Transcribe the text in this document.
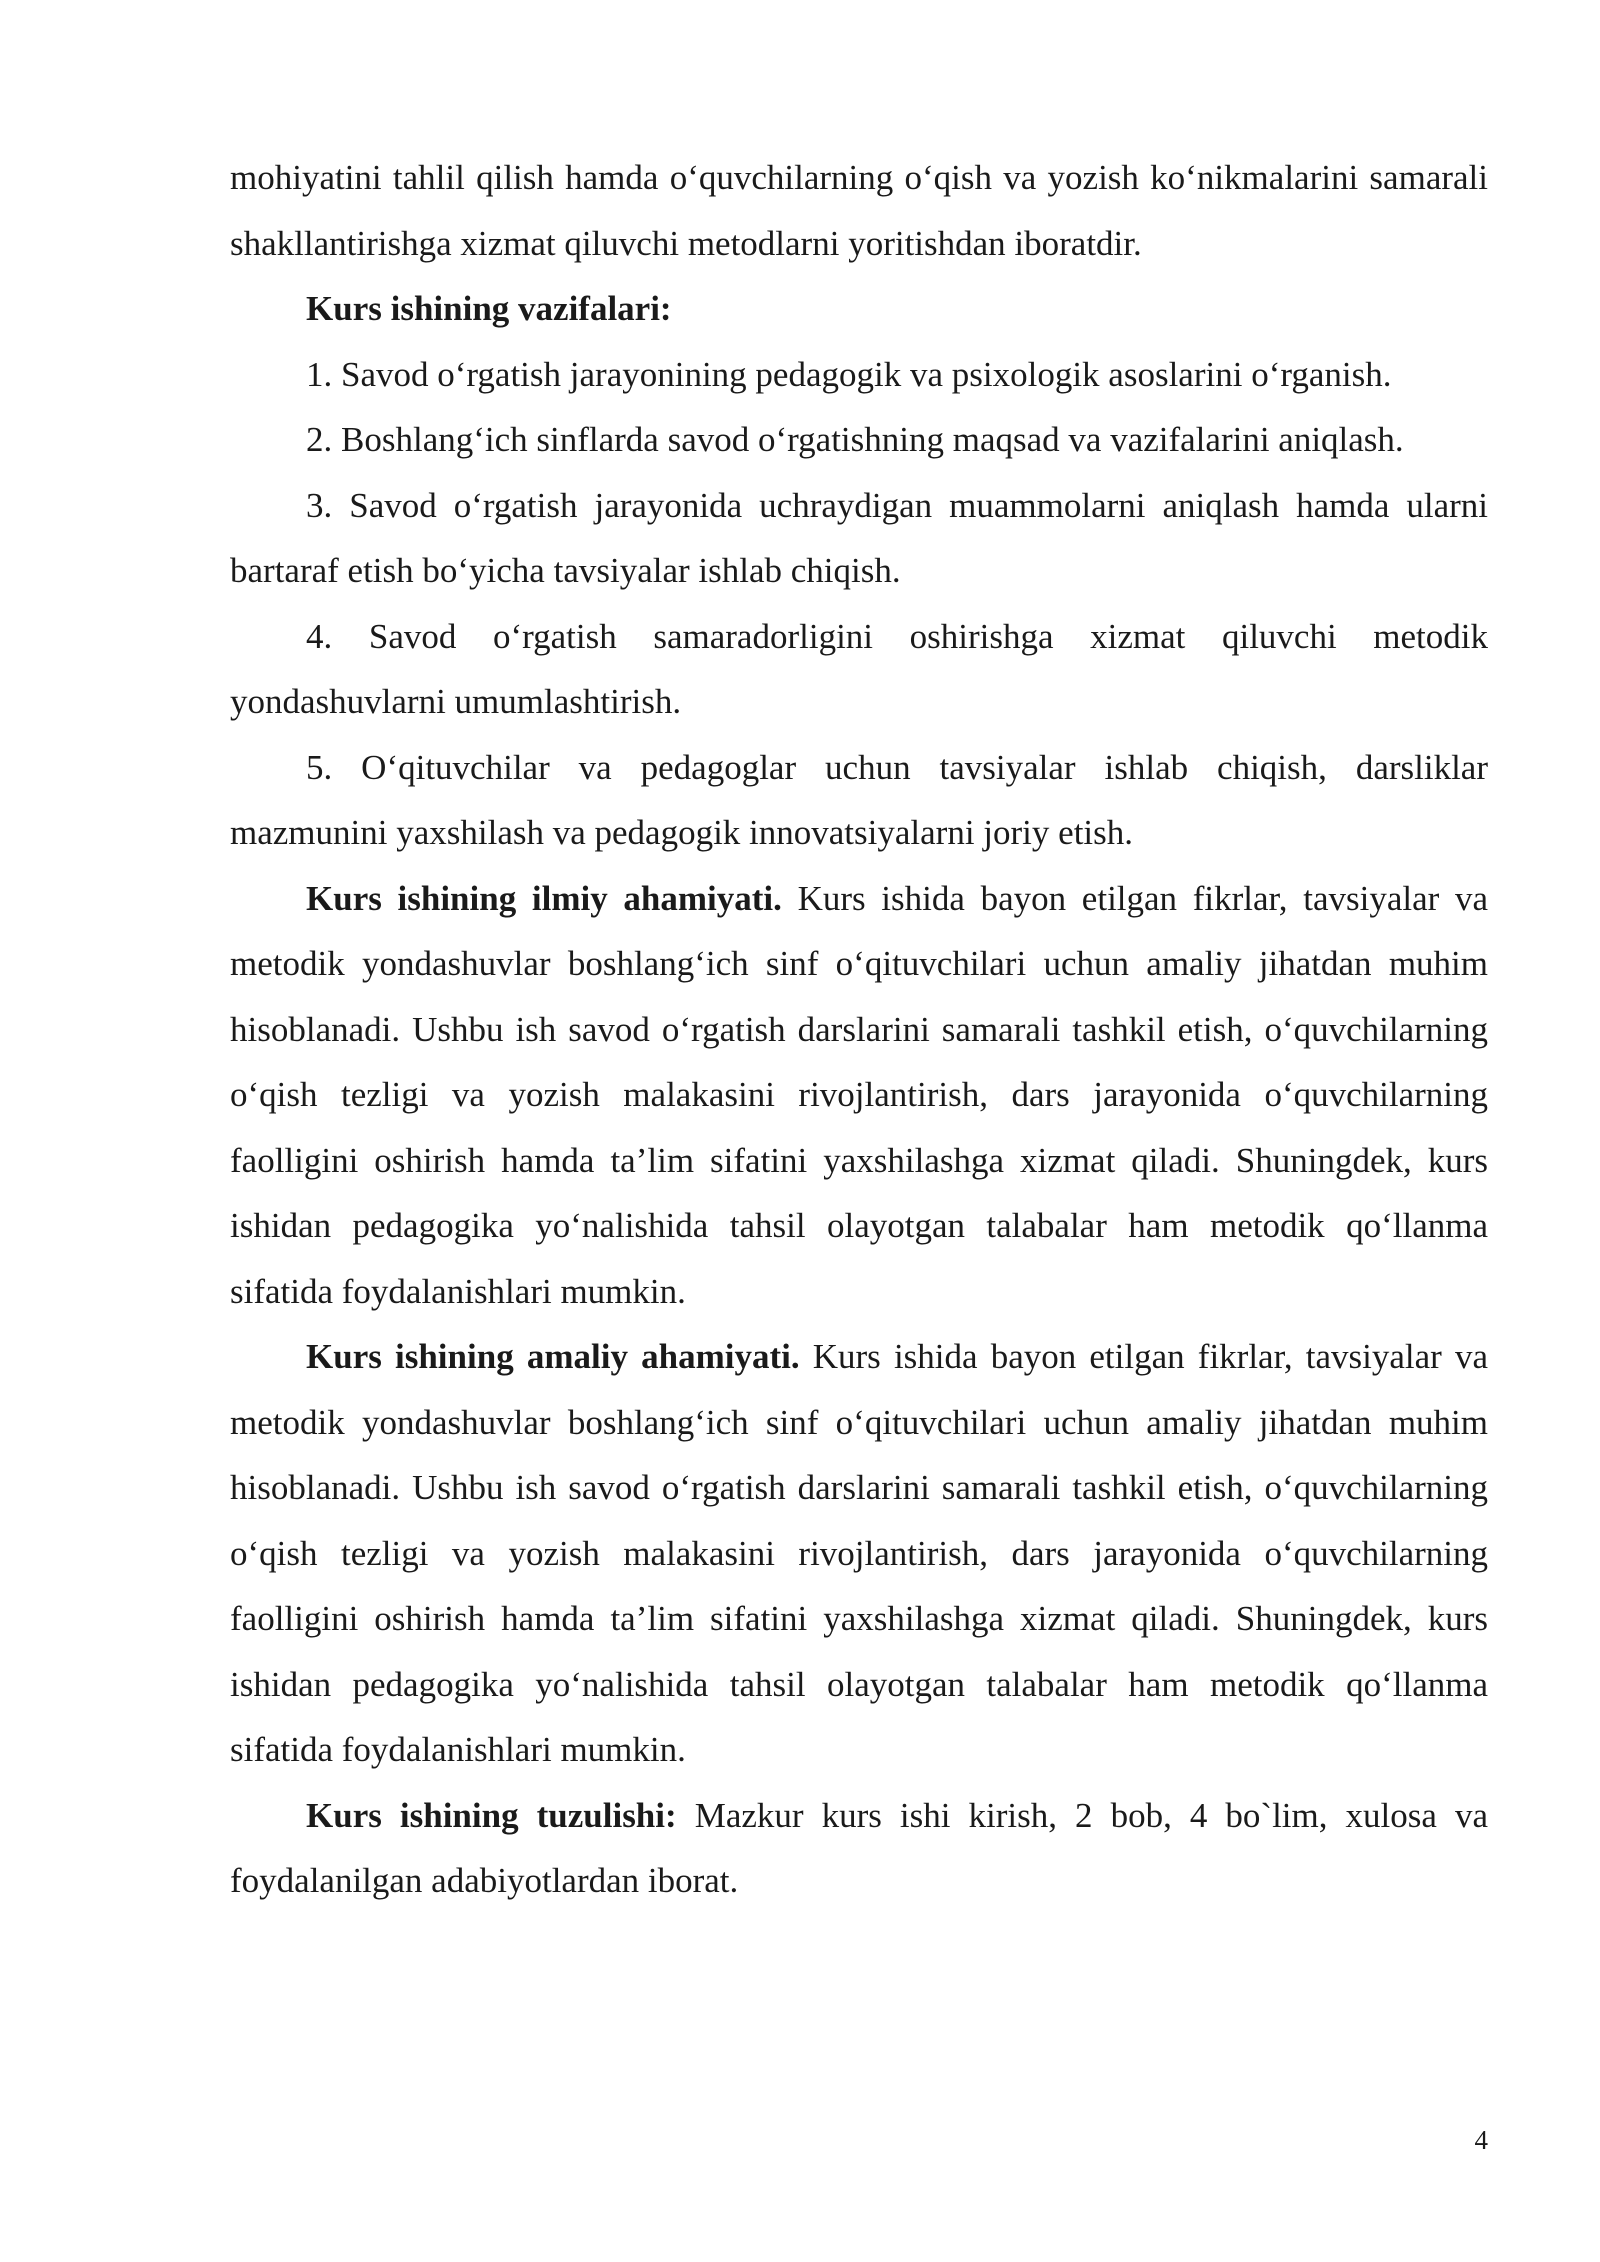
mohiyatini tahlil qilish hamda o‘quvchilarning o‘qish va yozish ko‘nikmalarini samarali shakllantirishga xizmat qiluvchi metodlarni yoritishdan iboratdir.

Kurs ishining vazifalari:

1. Savod o‘rgatish jarayonining pedagogik va psixologik asoslarini o‘rganish.

2. Boshlang‘ich sinflarda savod o‘rgatishning maqsad va vazifalarini aniqlash.

3. Savod o‘rgatish jarayonida uchraydigan muammolarni aniqlash hamda ularni bartaraf etish bo‘yicha tavsiyalar ishlab chiqish.

4. Savod o‘rgatish samaradorligini oshirishga xizmat qiluvchi metodik yondashuvlarni umumlashtirish.

5. O‘qituvchilar va pedagoglar uchun tavsiyalar ishlab chiqish, darsliklar mazmunini yaxshilash va pedagogik innovatsiyalarni joriy etish.

Kurs ishining ilmiy ahamiyati. Kurs ishida bayon etilgan fikrlar, tavsiyalar va metodik yondashuvlar boshlang‘ich sinf o‘qituvchilari uchun amaliy jihatdan muhim hisoblanadi. Ushbu ish savod o‘rgatish darslarini samarali tashkil etish, o‘quvchilarning o‘qish tezligi va yozish malakasini rivojlantirish, dars jarayonida o‘quvchilarning faolligini oshirish hamda ta’lim sifatini yaxshilashga xizmat qiladi. Shuningdek, kurs ishidan pedagogika yo‘nalishida tahsil olayotgan talabalar ham metodik qo‘llanma sifatida foydalanishlari mumkin.

Kurs ishining amaliy ahamiyati. Kurs ishida bayon etilgan fikrlar, tavsiyalar va metodik yondashuvlar boshlang‘ich sinf o‘qituvchilari uchun amaliy jihatdan muhim hisoblanadi. Ushbu ish savod o‘rgatish darslarini samarali tashkil etish, o‘quvchilarning o‘qish tezligi va yozish malakasini rivojlantirish, dars jarayonida o‘quvchilarning faolligini oshirish hamda ta’lim sifatini yaxshilashga xizmat qiladi. Shuningdek, kurs ishidan pedagogika yo‘nalishida tahsil olayotgan talabalar ham metodik qo‘llanma sifatida foydalanishlari mumkin.

Kurs ishining tuzulishi: Mazkur kurs ishi kirish, 2 bob, 4 bo`lim, xulosa va foydalanilgan adabiyotlardan iborat.

4
